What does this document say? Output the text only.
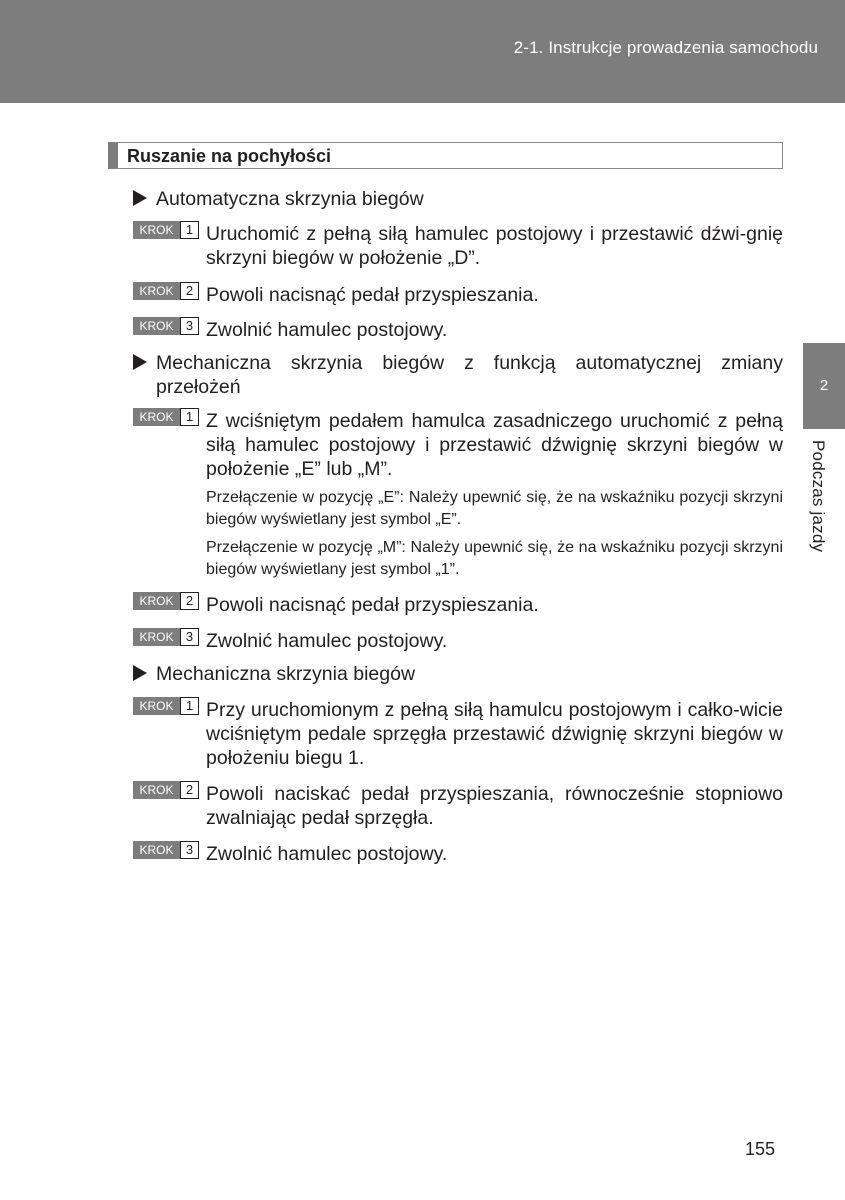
2-1. Instrukcje prowadzenia samochodu
2
Podczas jazdy
Ruszanie na pochyłości
Automatyczna skrzynia biegów
KROK 1 Uruchomić z pełną siłą hamulec postojowy i przestawić dźwi-gnię skrzyni biegów w położenie „D”.
KROK 2 Powoli nacisnąć pedał przyspieszania.
KROK 3 Zwolnić hamulec postojowy.
Mechaniczna skrzynia biegów z funkcją automatycznej zmiany przełożeń
KROK 1 Z wciśniętym pedałem hamulca zasadniczego uruchomić z pełną siłą hamulec postojowy i przestawić dźwignię skrzyni biegów w położenie „E” lub „M”.
Przełączenie w pozycję „E”: Należy upewnić się, że na wskaźniku pozycji skrzyni biegów wyświetlany jest symbol „E”.
Przełączenie w pozycję „M”: Należy upewnić się, że na wskaźniku pozycji skrzyni biegów wyświetlany jest symbol „1”.
KROK 2 Powoli nacisnąć pedał przyspieszania.
KROK 3 Zwolnić hamulec postojowy.
Mechaniczna skrzynia biegów
KROK 1 Przy uruchomionym z pełną siłą hamulcu postojowym i całko-wicie wciśniętym pedale sprzęgła przestawić dźwignię skrzyni biegów w położeniu biegu 1.
KROK 2 Powoli naciskać pedał przyspieszania, równocześnie stopniowo zwalniając pedał sprzęgła.
KROK 3 Zwolnić hamulec postojowy.
155
